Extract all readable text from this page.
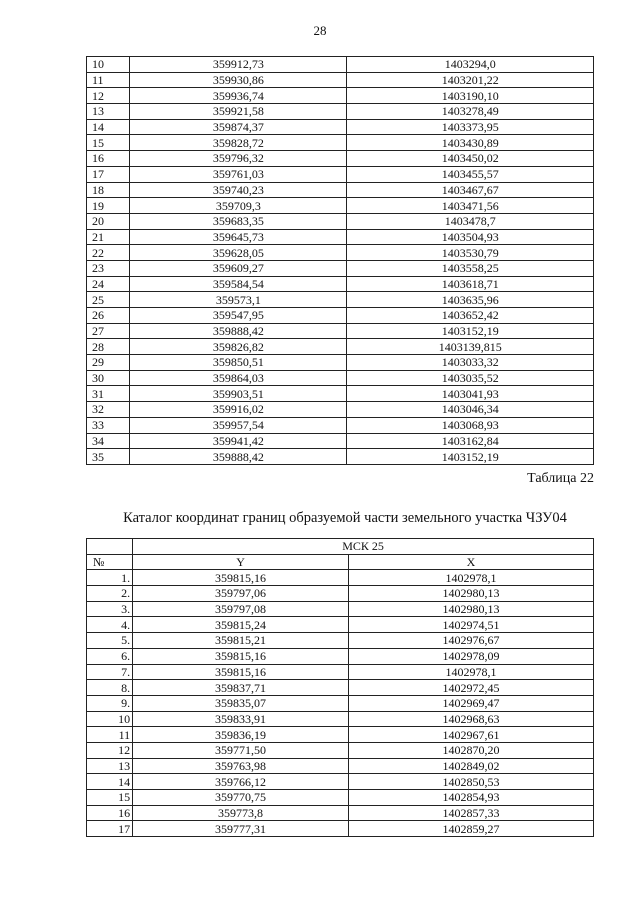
28
10	359912,73	1403294,0
11	359930,86	1403201,22
12	359936,74	1403190,10
13	359921,58	1403278,49
14	359874,37	1403373,95
15	359828,72	1403430,89
16	359796,32	1403450,02
17	359761,03	1403455,57
18	359740,23	1403467,67
19	359709,3	1403471,56
20	359683,35	1403478,7
21	359645,73	1403504,93
22	359628,05	1403530,79
23	359609,27	1403558,25
24	359584,54	1403618,71
25	359573,1	1403635,96
26	359547,95	1403652,42
27	359888,42	1403152,19
28	359826,82	1403139,815
29	359850,51	1403033,32
30	359864,03	1403035,52
31	359903,51	1403041,93
32	359916,02	1403046,34
33	359957,54	1403068,93
34	359941,42	1403162,84
35	359888,42	1403152,19
Таблица 22
Каталог координат границ образуемой части земельного участка ЧЗУ04
	МСК 25	
№	Y	X
1.	359815,16	1402978,1
2.	359797,06	1402980,13
3.	359797,08	1402980,13
4.	359815,24	1402974,51
5.	359815,21	1402976,67
6.	359815,16	1402978,09
7.	359815,16	1402978,1
8.	359837,71	1402972,45
9.	359835,07	1402969,47
10	359833,91	1402968,63
11	359836,19	1402967,61
12	359771,50	1402870,20
13	359763,98	1402849,02
14	359766,12	1402850,53
15	359770,75	1402854,93
16	359773,8	1402857,33
17	359777,31	1402859,27
